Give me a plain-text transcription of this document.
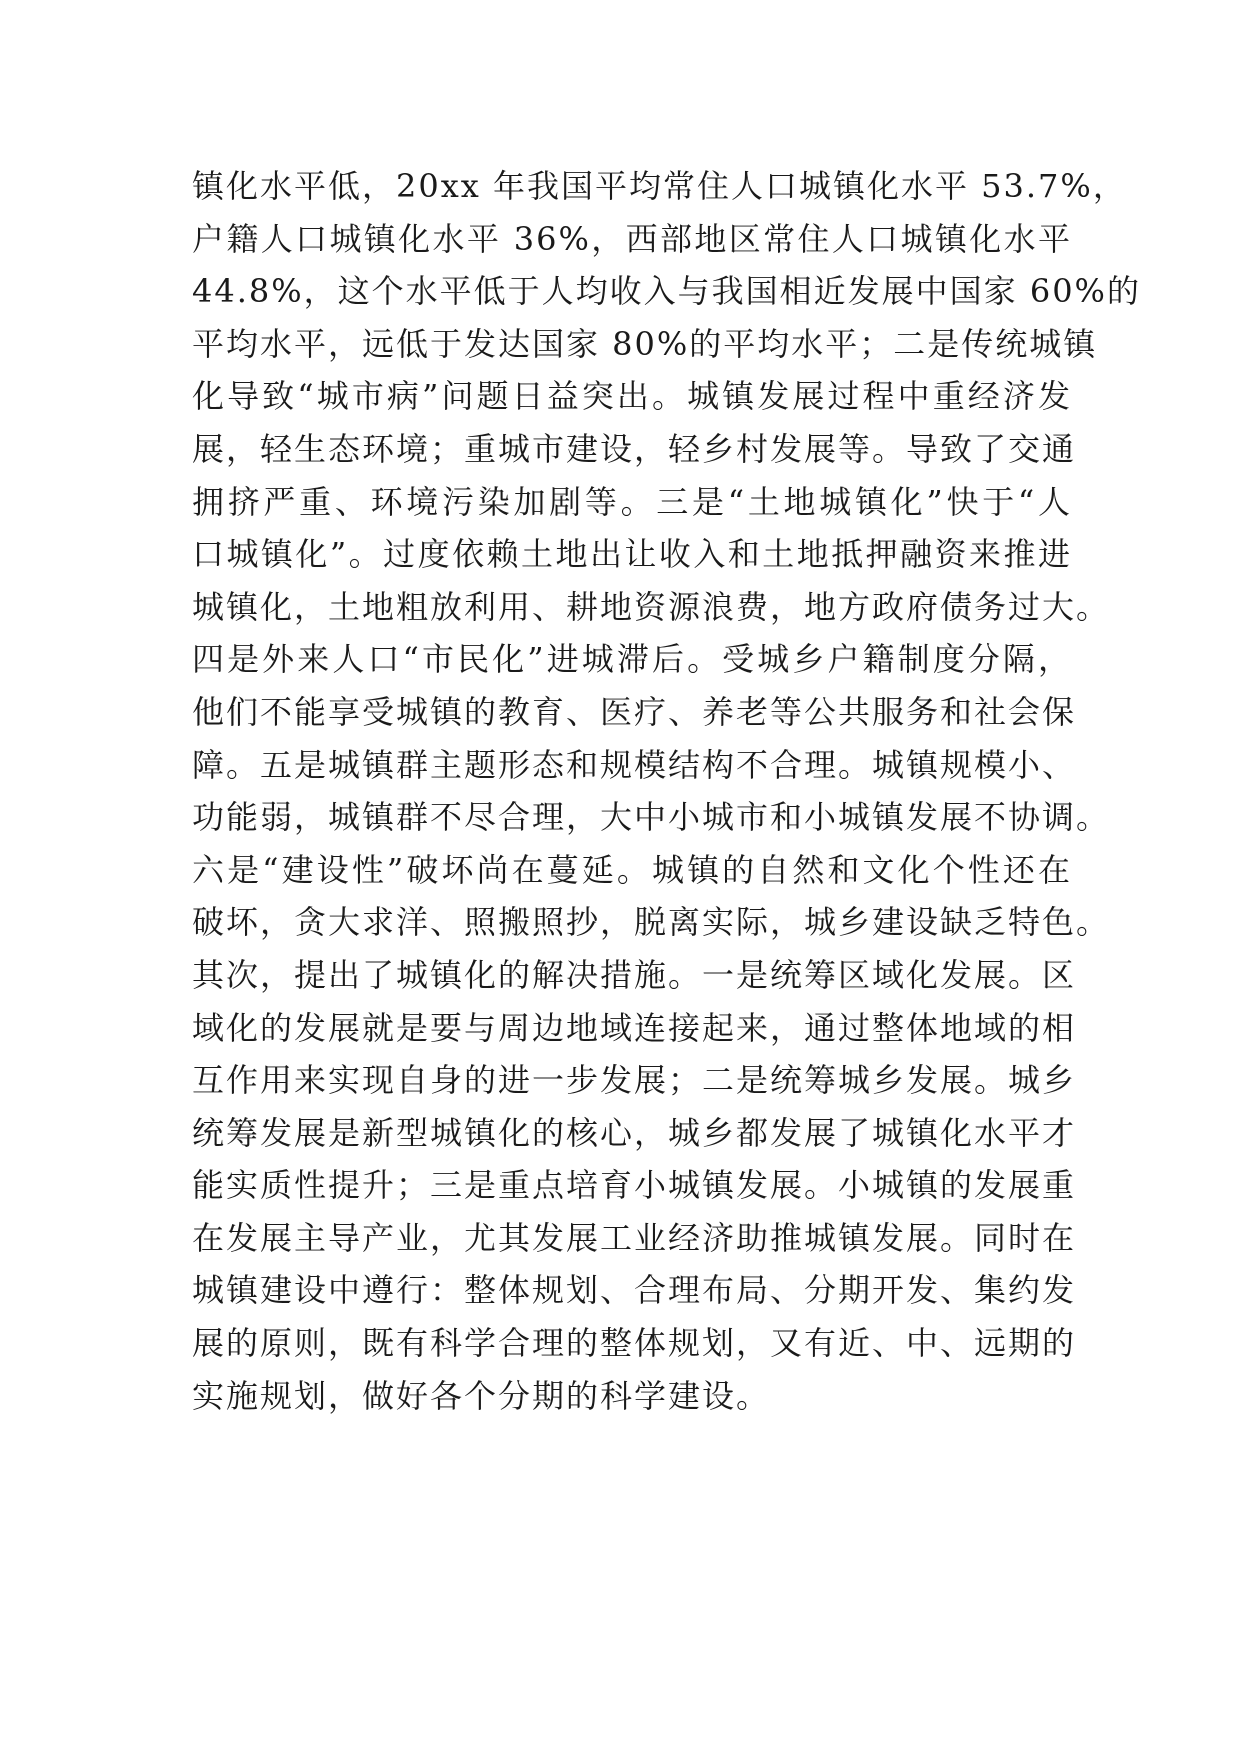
镇化水平低，20xx 年我国平均常住人口城镇化水平 53.7%，
户籍人口城镇化水平 36%，西部地区常住人口城镇化水平
44.8%，这个水平低于人均收入与我国相近发展中国家 60%的
平均水平，远低于发达国家 80%的平均水平；二是传统城镇
化导致“城市病”问题日益突出。城镇发展过程中重经济发
展，轻生态环境；重城市建设，轻乡村发展等。导致了交通
拥挤严重、环境污染加剧等。三是“土地城镇化”快于“人
口城镇化”。过度依赖土地出让收入和土地抵押融资来推进
城镇化，土地粗放利用、耕地资源浪费，地方政府债务过大。
四是外来人口“市民化”进城滞后。受城乡户籍制度分隔，
他们不能享受城镇的教育、医疗、养老等公共服务和社会保
障。五是城镇群主题形态和规模结构不合理。城镇规模小、
功能弱，城镇群不尽合理，大中小城市和小城镇发展不协调。
六是“建设性”破坏尚在蔓延。城镇的自然和文化个性还在
破坏，贪大求洋、照搬照抄，脱离实际，城乡建设缺乏特色。
其次，提出了城镇化的解决措施。一是统筹区域化发展。区
域化的发展就是要与周边地域连接起来，通过整体地域的相
互作用来实现自身的进一步发展；二是统筹城乡发展。城乡
统筹发展是新型城镇化的核心，城乡都发展了城镇化水平才
能实质性提升；三是重点培育小城镇发展。小城镇的发展重
在发展主导产业，尤其发展工业经济助推城镇发展。同时在
城镇建设中遵行：整体规划、合理布局、分期开发、集约发
展的原则，既有科学合理的整体规划，又有近、中、远期的
实施规划，做好各个分期的科学建设。
